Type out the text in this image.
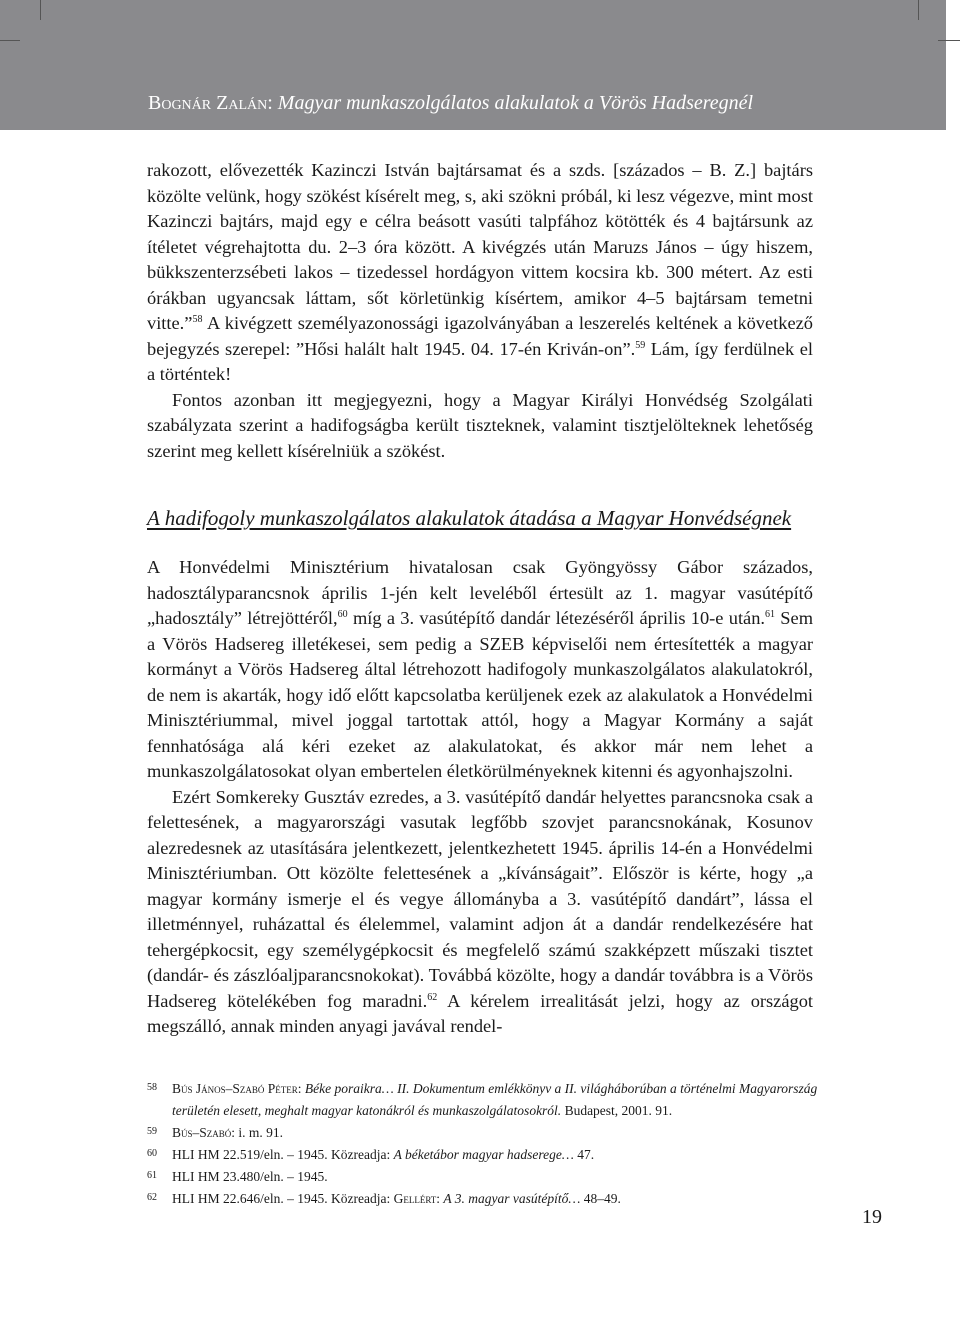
Bognár Zalán: Magyar munkaszolgálatos alakulatok a Vörös Hadseregnél

rakozott, elővezették Kazinczi István bajtársamat és a szds. [százados – B. Z.] bajtárs közölte velünk, hogy szökést kísérelt meg, s, aki szökni próbál, ki lesz végezve, mint most Kazinczi bajtárs, majd egy e célra beásott vasúti talpfához kötötték és 4 bajtársunk az ítéletet végrehajtotta du. 2–3 óra között. A kivégzés után Maruzs János – úgy hiszem, bükkszenterzsébeti lakos – tizedessel hordágyon vittem kocsira kb. 300 métert. Az esti órákban ugyancsak láttam, sőt körletünkig kísértem, amikor 4–5 bajtársam temetni vitte.”$^{58}$ A kivégzett személyazonossági igazolványában a leszerelés keltének a következő bejegyzés szerepel: ”Hősi halált halt 1945. 04. 17-én Kriván-on”.$^{59}$ Lám, így ferdülnek el a történtek!

Fontos azonban itt megjegyezni, hogy a Magyar Királyi Honvédség Szolgálati szabályzata szerint a hadifogságba került tiszteknek, valamint tisztjelölteknek lehetőség szerint meg kellett kísérelniük a szökést.

A hadifogoly munkaszolgálatos alakulatok átadása a Magyar Honvédségnek

A Honvédelmi Minisztérium hivatalosan csak Gyöngyössy Gábor százados, hadosztályparancsnok április 1-jén kelt leveléből értesült az 1. magyar vasútépítő „hadosztály” létrejöttéről,$^{60}$ míg a 3. vasútépítő dandár létezéséről április 10-e után.$^{61}$ Sem a Vörös Hadsereg illetékesei, sem pedig a SZEB képviselői nem értesítették a magyar kormányt a Vörös Hadsereg által létrehozott hadifogoly munkaszolgálatos alakulatokról, de nem is akarták, hogy idő előtt kapcsolatba kerüljenek ezek az alakulatok a Honvédelmi Minisztériummal, mivel joggal tartottak attól, hogy a Magyar Kormány a saját fennhatósága alá kéri ezeket az alakulatokat, és akkor már nem lehet a munkaszolgálatosokat olyan embertelen életkörülményeknek kitenni és agyonhajszolni.

Ezért Somkereky Gusztáv ezredes, a 3. vasútépítő dandár helyettes parancsnoka csak a felettesének, a magyarországi vasutak legfőbb szovjet parancsnokának, Kosunov alezredesnek az utasítására jelentkezett, jelentkezhetett 1945. április 14-én a Honvédelmi Minisztériumban. Ott közölte felettesének a „kívánságait”. Először is kérte, hogy „a magyar kormány ismerje el és vegye állományba a 3. vasútépítő dandárt”, lássa el illetménnyel, ruházattal és élelemmel, valamint adjon át a dandár rendelkezésére hat tehergépkocsit, egy személygépkocsit és megfelelő számú szakképzett műszaki tisztet (dandár- és zászlóaljparancsnokokat). Továbbá közölte, hogy a dandár továbbra is a Vörös Hadsereg kötelékében fog maradni.$^{62}$ A kérelem irrealitását jelzi, hogy az országot megszálló, annak minden anyagi javával rendel-

58 Bús János–Szabó Péter: Béke poraikra… II. Dokumentum emlékkönyv a II. világháborúban a történelmi Magyarország területén elesett, meghalt magyar katonákról és munkaszolgálatosokról. Budapest, 2001. 91.
59 Bús–Szabó: i. m. 91.
60 HLI HM 22.519/eln. – 1945. Közreadja: A béketábor magyar hadserege… 47.
61 HLI HM 23.480/eln. – 1945.
62 HLI HM 22.646/eln. – 1945. Közreadja: Gellért: A 3. magyar vasútépítő… 48–49.
19
